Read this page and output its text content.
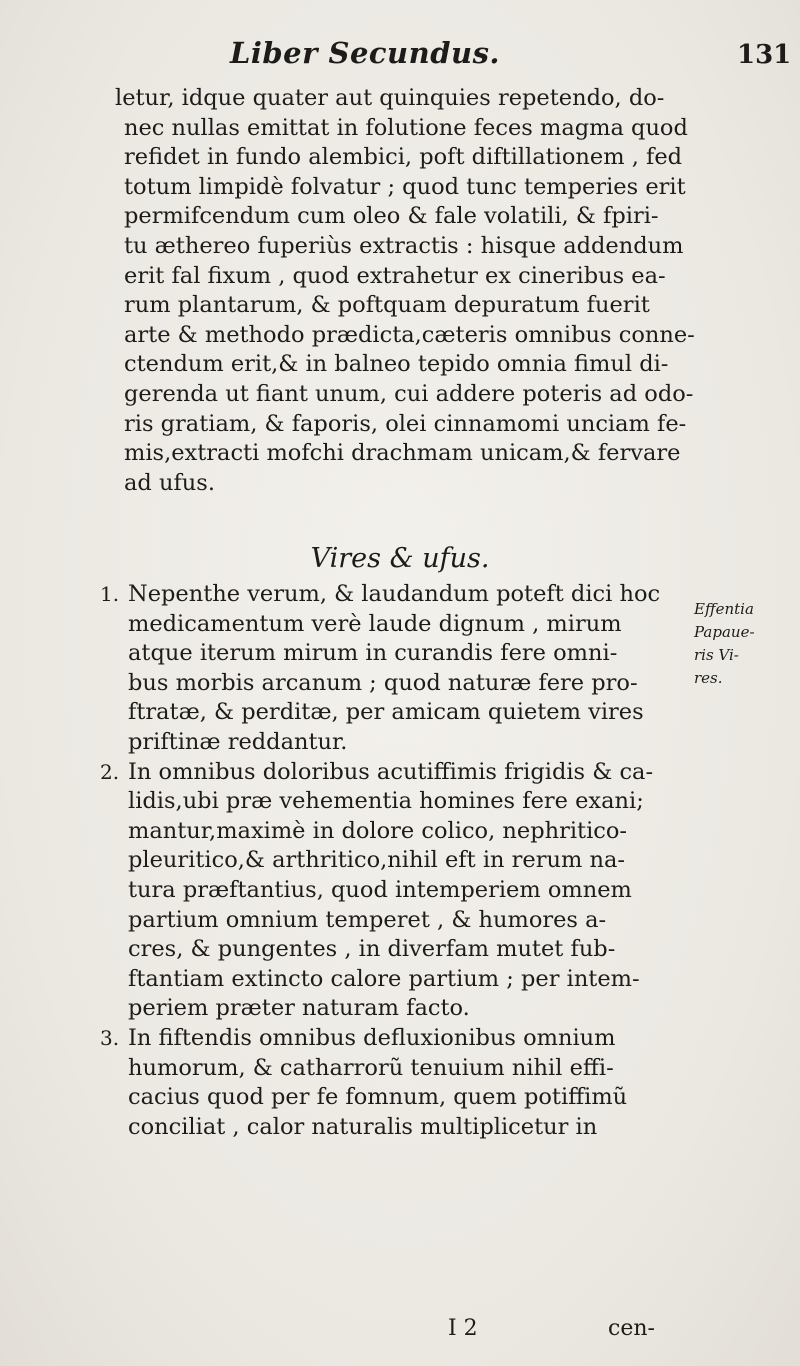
Liber Secundus.	131
letur, idque quater aut quinquies repetendo, do-
nec nullas emittat in folutione feces magma quod
refidet in fundo alembici, poft diftillationem , fed
totum limpidè folvatur ; quod tunc temperies erit
permifcendum cum oleo & fale volatili, & fpiri-
tu æthereo fuperiùs extractis : hisque addendum
erit fal fixum , quod extrahetur ex cineribus ea-
rum plantarum, & poftquam depuratum fuerit
arte & methodo prædicta,cæteris omnibus conne-
ctendum erit,& in balneo tepido omnia fimul di-
gerenda ut fiant unum, cui addere poteris ad odo-
ris gratiam, & faporis, olei cinnamomi unciam fe-
mis,extracti mofchi drachmam unicam,& fervare
ad ufus.
Vires & ufus.
1. Nepenthe verum, & laudandum poteft dici hoc
medicamentum verè laude dignum , mirum
atque iterum mirum in curandis fere omni-
bus morbis arcanum ; quod naturæ fere pro-
ftratæ, & perditæ, per amicam quietem vires
priftinæ reddantur.
2. In omnibus doloribus acutiffimis frigidis & ca-
lidis,ubi præ vehementia homines fere exani;
mantur,maximè in dolore colico, nephritico-
pleuritico,& arthritico,nihil eft in rerum na-
tura præftantius, quod intemperiem omnem
partium omnium temperet , & humores a-
cres, & pungentes , in diverfam mutet fub-
ftantiam extincto calore partium ; per intem-
periem præter naturam facto.
3. In fiftendis omnibus defluxionibus omnium
humorum, & catharrorũ tenuium nihil effi-
cacius quod per fe fomnum, quem potiffimũ
conciliat , calor naturalis multiplicetur in
Effentia
Papaue-
ris Vi-
res.
I 2	cen-
